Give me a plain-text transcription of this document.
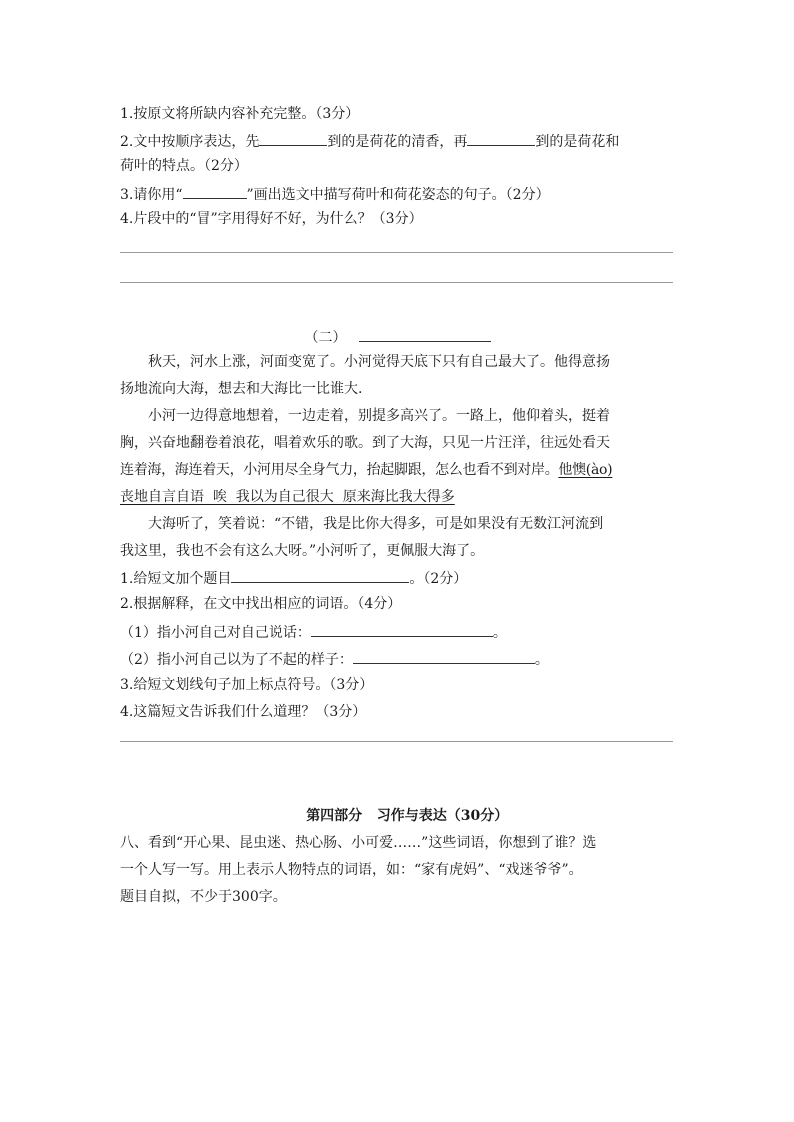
1.按原文将所缺内容补充完整。（3分）
2.文中按顺序表达，先	到的是荷花的清香，再	到的是荷花和
荷叶的特点。（2分）
3.请你用“	”画出选文中描写荷叶和荷花姿态的句子。（2分）
4.片段中的“冒”字用得好不好，为什么？（3分）
（二）
秋天，河水上涨，河面变宽了。小河觉得天底下只有自己最大了。他得意扬
扬地流向大海，想去和大海比一比谁大.
小河一边得意地想着，一边走着，别提多高兴了。一路上，他仰着头，挺着
胸，兴奋地翻卷着浪花，唱着欢乐的歌。到了大海，只见一片汪洋，往远处看天
连着海，海连着天，小河用尽全身气力，抬起脚跟，怎么也看不到对岸。他懊(ào)
丧地自言自语  唉  我以为自己很大  原来海比我大得多
大海听了，笑着说：“不错，我是比你大得多，可是如果没有无数江河流到
我这里，我也不会有这么大呀。”小河听了，更佩服大海了。
1.给短文加个题目	。（2分）
2.根据解释，在文中找出相应的词语。（4分）
（1）指小河自己对自己说话：	。
（2）指小河自己以为了不起的样子：	。
3.给短文划线句子加上标点符号。（3分）
4.这篇短文告诉我们什么道理？（3分）

第四部分   习作与表达（30分）

八、看到“开心果、昆虫迷、热心肠、小可爱……”这些词语，你想到了谁？选
一个人写一写。用上表示人物特点的词语，如：“家有虎妈”、“戏迷爷爷”。
题目自拟，不少于300字。
